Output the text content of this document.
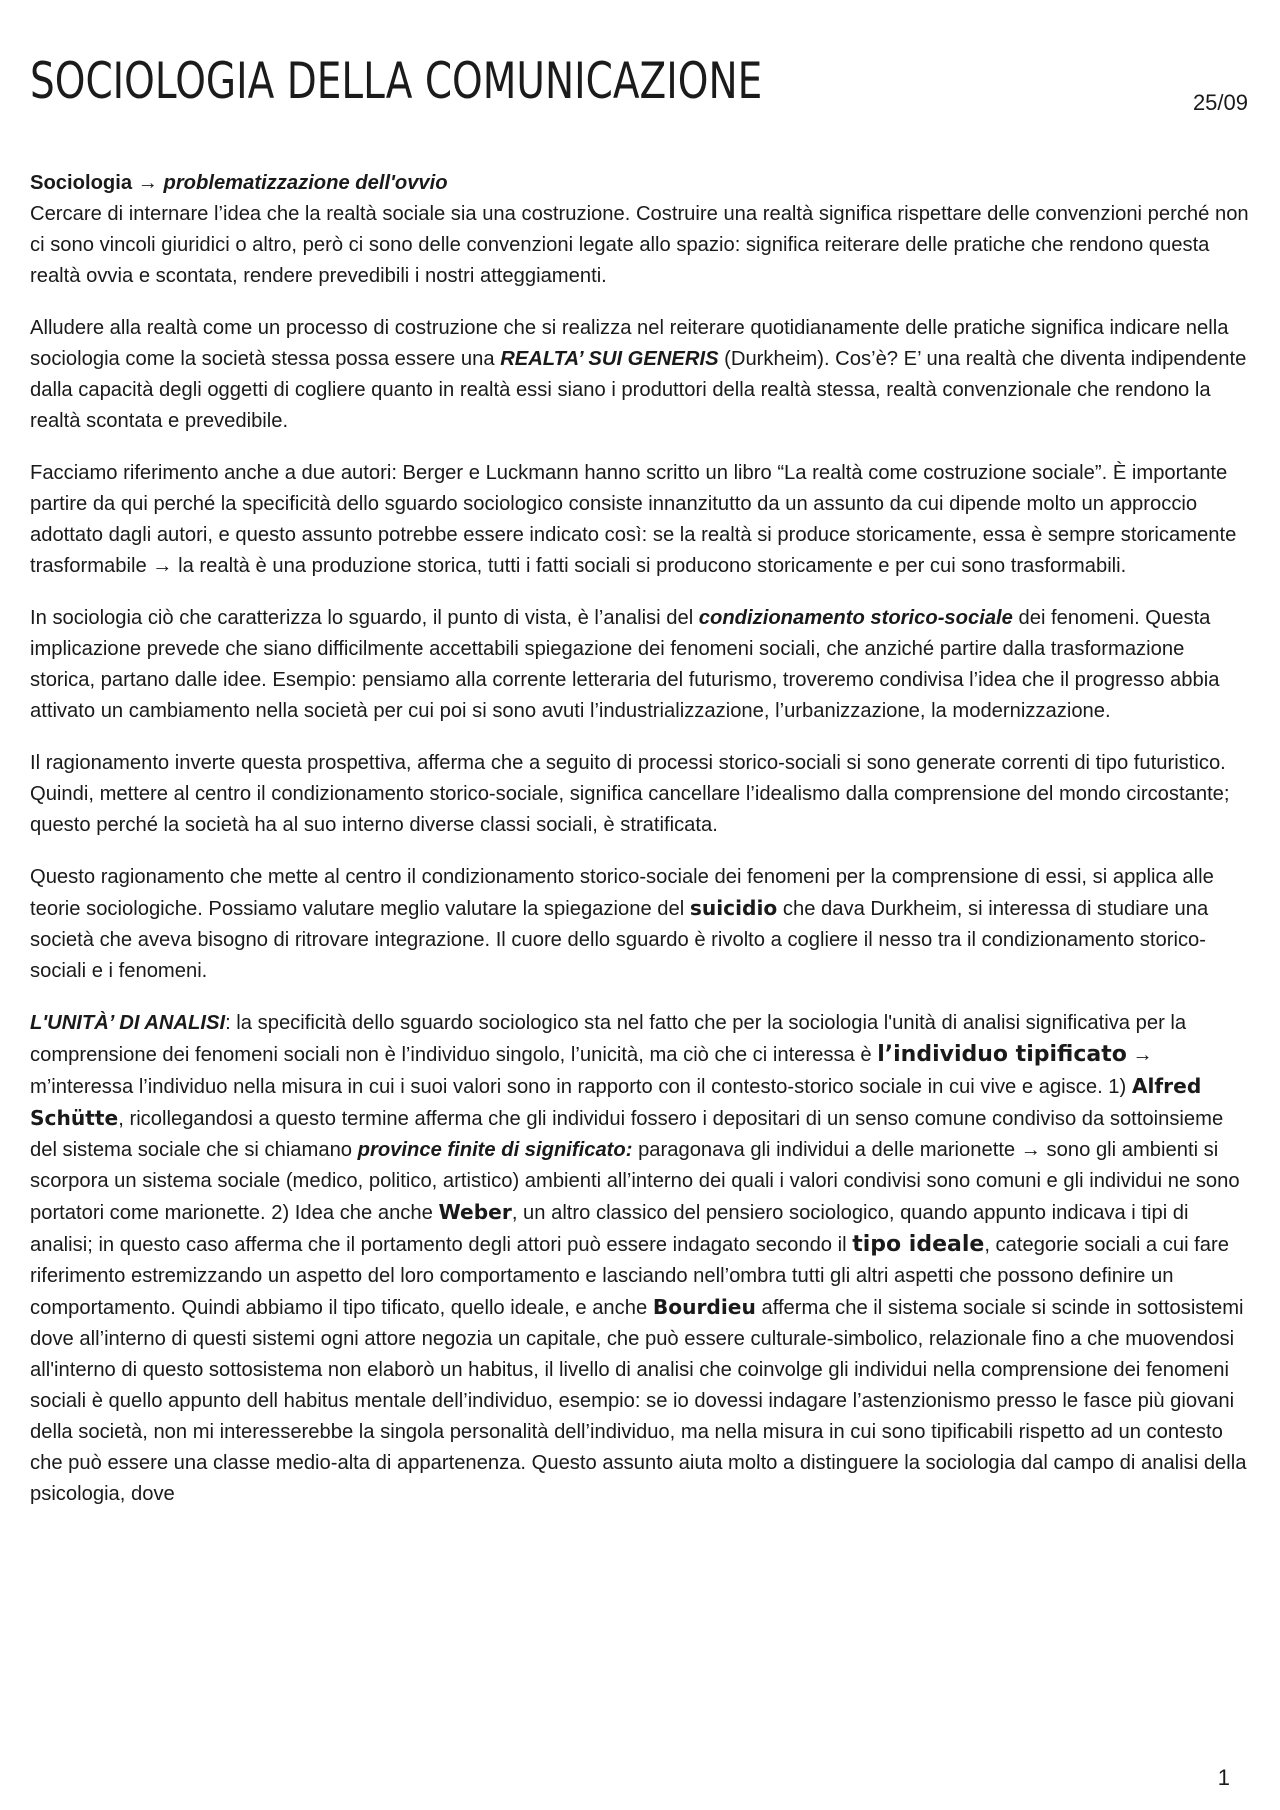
SOCIOLOGIA DELLA COMUNICAZIONE	25/09

Sociologia → problematizzazione dell'ovvio

Cercare di internare l’idea che la realtà sociale sia una costruzione. Costruire una realtà significa rispettare delle convenzioni perché non ci sono vincoli giuridici o altro, però ci sono delle convenzioni legate allo spazio: significa reiterare delle pratiche che rendono questa realtà ovvia e scontata, rendere prevedibili i nostri atteggiamenti.

Alludere alla realtà come un processo di costruzione che si realizza nel reiterare quotidianamente delle pratiche significa indicare nella sociologia come la società stessa possa essere una REALTA’ SUI GENERIS (Durkheim). Cos’è? E’ una realtà che diventa indipendente dalla capacità degli oggetti di cogliere quanto in realtà essi siano i produttori della realtà stessa, realtà convenzionale che rendono la realtà scontata e prevedibile.

Facciamo riferimento anche a due autori: Berger e Luckmann hanno scritto un libro “La realtà come costruzione sociale”. È importante partire da qui perché la specificità dello sguardo sociologico consiste innanzitutto da un assunto da cui dipende molto un approccio adottato dagli autori, e questo assunto potrebbe essere indicato così: se la realtà si produce storicamente, essa è sempre storicamente trasformabile → la realtà è una produzione storica, tutti i fatti sociali si producono storicamente e per cui sono trasformabili.

In sociologia ciò che caratterizza lo sguardo, il punto di vista, è l’analisi del condizionamento storico-sociale dei fenomeni. Questa implicazione prevede che siano difficilmente accettabili spiegazione dei fenomeni sociali, che anziché partire dalla trasformazione storica, partano dalle idee. Esempio: pensiamo alla corrente letteraria del futurismo, troveremo condivisa l’idea che il progresso abbia attivato un cambiamento nella società per cui poi si sono avuti l’industrializzazione, l’urbanizzazione, la modernizzazione.

Il ragionamento inverte questa prospettiva, afferma che a seguito di processi storico-sociali si sono generate correnti di tipo futuristico. Quindi, mettere al centro il condizionamento storico-sociale, significa cancellare l’idealismo dalla comprensione del mondo circostante; questo perché la società ha al suo interno diverse classi sociali, è stratificata.

Questo ragionamento che mette al centro il condizionamento storico-sociale dei fenomeni per la comprensione di essi, si applica alle teorie sociologiche. Possiamo valutare meglio valutare la spiegazione del suicidio che dava Durkheim, si interessa di studiare una società che aveva bisogno di ritrovare integrazione. Il cuore dello sguardo è rivolto a cogliere il nesso tra il condizionamento storico-sociali e i fenomeni.

L'UNITÀ’ DI ANALISI: la specificità dello sguardo sociologico sta nel fatto che per la sociologia l'unità di analisi significativa per la comprensione dei fenomeni sociali non è l’individuo singolo, l’unicità, ma ciò che ci interessa è l’individuo tipificato → m’interessa l’individuo nella misura in cui i suoi valori sono in rapporto con il contesto-storico sociale in cui vive e agisce. 1) Alfred Schütte, ricollegandosi a questo termine afferma che gli individui fossero i depositari di un senso comune condiviso da sottoinsieme del sistema sociale che si chiamano province finite di significato: paragonava gli individui a delle marionette → sono gli ambienti si scorpora un sistema sociale (medico, politico, artistico) ambienti all’interno dei quali i valori condivisi sono comuni e gli individui ne sono portatori come marionette. 2) Idea che anche Weber, un altro classico del pensiero sociologico, quando appunto indicava i tipi di analisi; in questo caso afferma che il portamento degli attori può essere indagato secondo il tipo ideale, categorie sociali a cui fare riferimento estremizzando un aspetto del loro comportamento e lasciando nell’ombra tutti gli altri aspetti che possono definire un comportamento. Quindi abbiamo il tipo tificato, quello ideale, e anche Bourdieu afferma che il sistema sociale si scinde in sottosistemi dove all’interno di questi sistemi ogni attore negozia un capitale, che può essere culturale-simbolico, relazionale fino a che muovendosi all'interno di questo sottosistema non elaborò un habitus, il livello di analisi che coinvolge gli individui nella comprensione dei fenomeni sociali è quello appunto dell habitus mentale dell’individuo, esempio: se io dovessi indagare l’astenzionismo presso le fasce più giovani della società, non mi interesserebbe la singola personalità dell’individuo, ma nella misura in cui sono tipificabili rispetto ad un contesto che può essere una classe medio-alta di appartenenza. Questo assunto aiuta molto a distinguere la sociologia dal campo di analisi della psicologia, dove

1
